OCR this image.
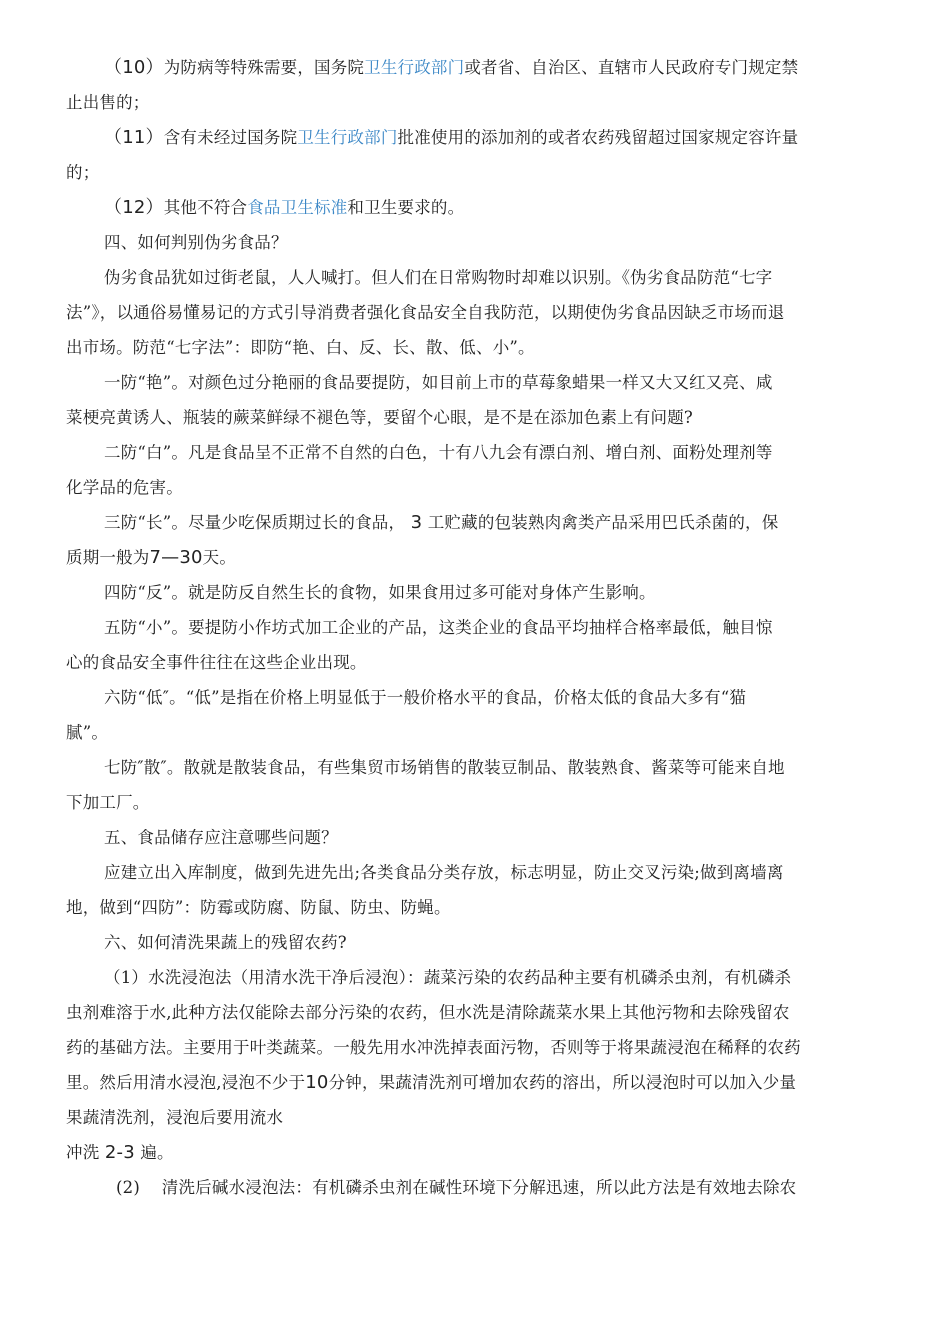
（10）为防病等特殊需要，国务院卫生行政部门或者省、自治区、直辖市人民政府专门规定禁
止出售的；
（11）含有未经过国务院卫生行政部门批准使用的添加剂的或者农药残留超过国家规定容许量
的；
（12）其他不符合食品卫生标准和卫生要求的。
四、如何判别伪劣食品？
伪劣食品犹如过街老鼠，人人喊打。但人们在日常购物时却难以识别。《伪劣食品防范“七字
法”》，以通俗易懂易记的方式引导消费者强化食品安全自我防范，以期使伪劣食品因缺乏市场而退
出市场。防范“七字法”：即防“艳、白、反、长、散、低、小”。
一防“艳”。对颜色过分艳丽的食品要提防，如目前上市的草莓象蜡果一样又大又红又亮、咸
菜梗亮黄诱人、瓶装的蕨菜鲜绿不褪色等，要留个心眼，是不是在添加色素上有问题?
二防“白”。凡是食品呈不正常不自然的白色，十有八九会有漂白剂、增白剂、面粉处理剂等
化学品的危害。
三防“长”。尽量少吃保质期过长的食品， 3 工贮藏的包装熟肉禽类产品采用巴氏杀菌的，保
质期一般为7—30天。
四防“反”。就是防反自然生长的食物，如果食用过多可能对身体产生影响。
五防“小”。要提防小作坊式加工企业的产品，这类企业的食品平均抽样合格率最低，触目惊
心的食品安全事件往往在这些企业出现。
六防“低″。“低”是指在价格上明显低于一般价格水平的食品，价格太低的食品大多有“猫
腻”。
七防″散″。散就是散装食品，有些集贸市场销售的散装豆制品、散装熟食、酱菜等可能来自地
下加工厂。
五、食品储存应注意哪些问题？
应建立出入库制度，做到先进先出;各类食品分类存放，标志明显，防止交叉污染;做到离墙离
地，做到“四防”：防霉或防腐、防鼠、防虫、防蝇。
六、如何清洗果蔬上的残留农药?
（1）水洗浸泡法（用清水洗干净后浸泡）：蔬菜污染的农药品种主要有机磷杀虫剂，有机磷杀
虫剂难溶于水,此种方法仅能除去部分污染的农药，但水洗是清除蔬菜水果上其他污物和去除残留农
药的基础方法。主要用于叶类蔬菜。一般先用水冲洗掉表面污物，否则等于将果蔬浸泡在稀释的农药
里。然后用清水浸泡,浸泡不少于10分钟，果蔬清洗剂可增加农药的溶出，所以浸泡时可以加入少量
果蔬清洗剂，浸泡后要用流水
冲洗 2-3 遍。
(2) 清洗后碱水浸泡法：有机磷杀虫剂在碱性环境下分解迅速，所以此方法是有效地去除农
